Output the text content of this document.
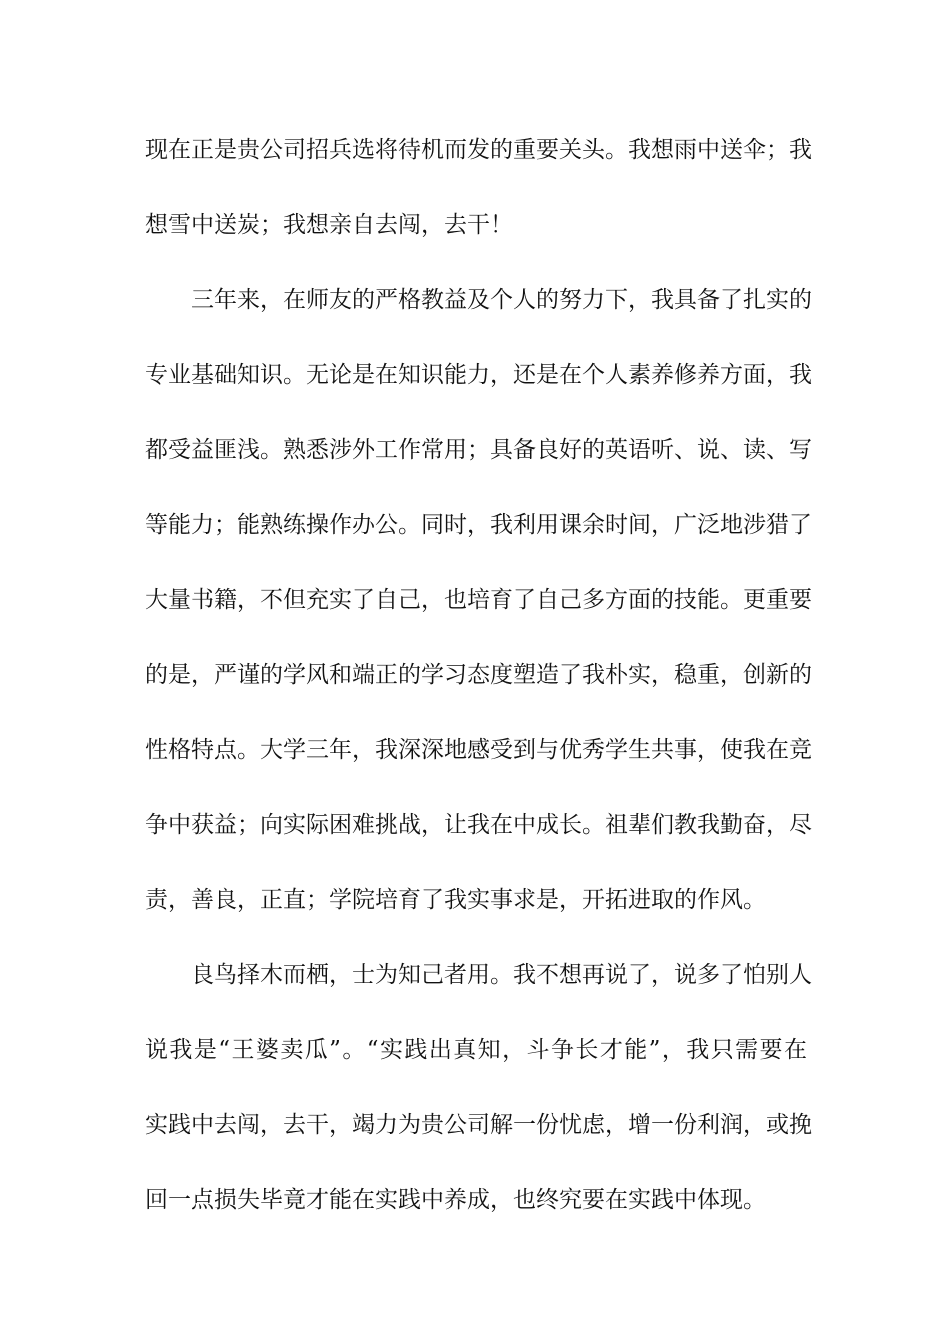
现在正是贵公司招兵选将待机而发的重要关头。我想雨中送伞；我
想雪中送炭；我想亲自去闯，去干！
三年来，在师友的严格教益及个人的努力下，我具备了扎实的
专业基础知识。无论是在知识能力，还是在个人素养修养方面，我
都受益匪浅。熟悉涉外工作常用；具备良好的英语听、说、读、写
等能力；能熟练操作办公。同时，我利用课余时间，广泛地涉猎了
大量书籍，不但充实了自己，也培育了自己多方面的技能。更重要
的是，严谨的学风和端正的学习态度塑造了我朴实，稳重，创新的
性格特点。大学三年，我深深地感受到与优秀学生共事，使我在竞
争中获益；向实际困难挑战，让我在中成长。祖辈们教我勤奋，尽
责，善良，正直；学院培育了我实事求是，开拓进取的作风。
良鸟择木而栖，士为知己者用。我不想再说了，说多了怕别人
说我是“王婆卖瓜”。“实践出真知，斗争长才能”，我只需要在
实践中去闯，去干，竭力为贵公司解一份忧虑，增一份利润，或挽
回一点损失毕竟才能在实践中养成，也终究要在实践中体现。
